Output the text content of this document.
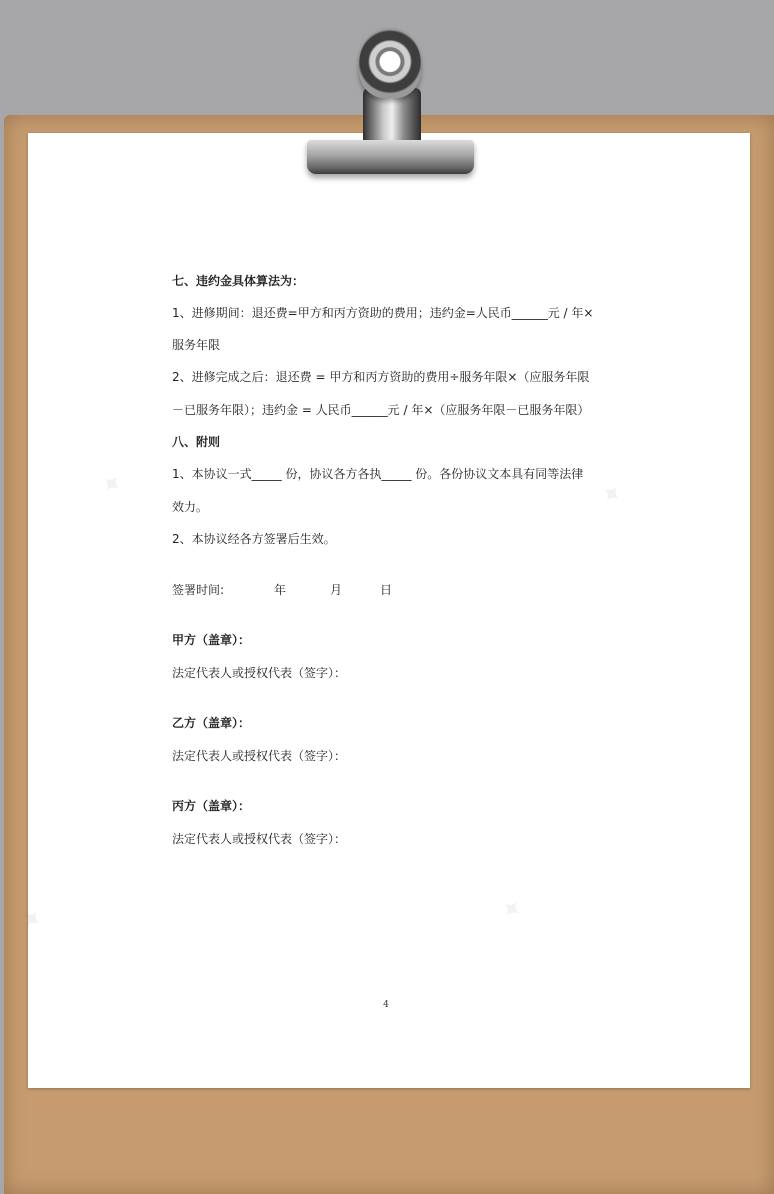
✦	✦
✦	✦
七、违约金具体算法为：
1、进修期间：退还费=甲方和丙方资助的费用；违约金=人民币______元 / 年×
服务年限
2、进修完成之后：退还费 = 甲方和丙方资助的费用÷服务年限×（应服务年限
－已服务年限）；违约金 = 人民币______元 / 年×（应服务年限－已服务年限）
八、附则
1、本协议一式_____ 份，协议各方各执_____ 份。各份协议文本具有同等法律
效力。
2、本协议经各方签署后生效。
签署时间:	年	月	日
甲方（盖章）：
法定代表人或授权代表（签字）：
乙方（盖章）：
法定代表人或授权代表（签字）：
丙方（盖章）：
法定代表人或授权代表（签字）：
4
